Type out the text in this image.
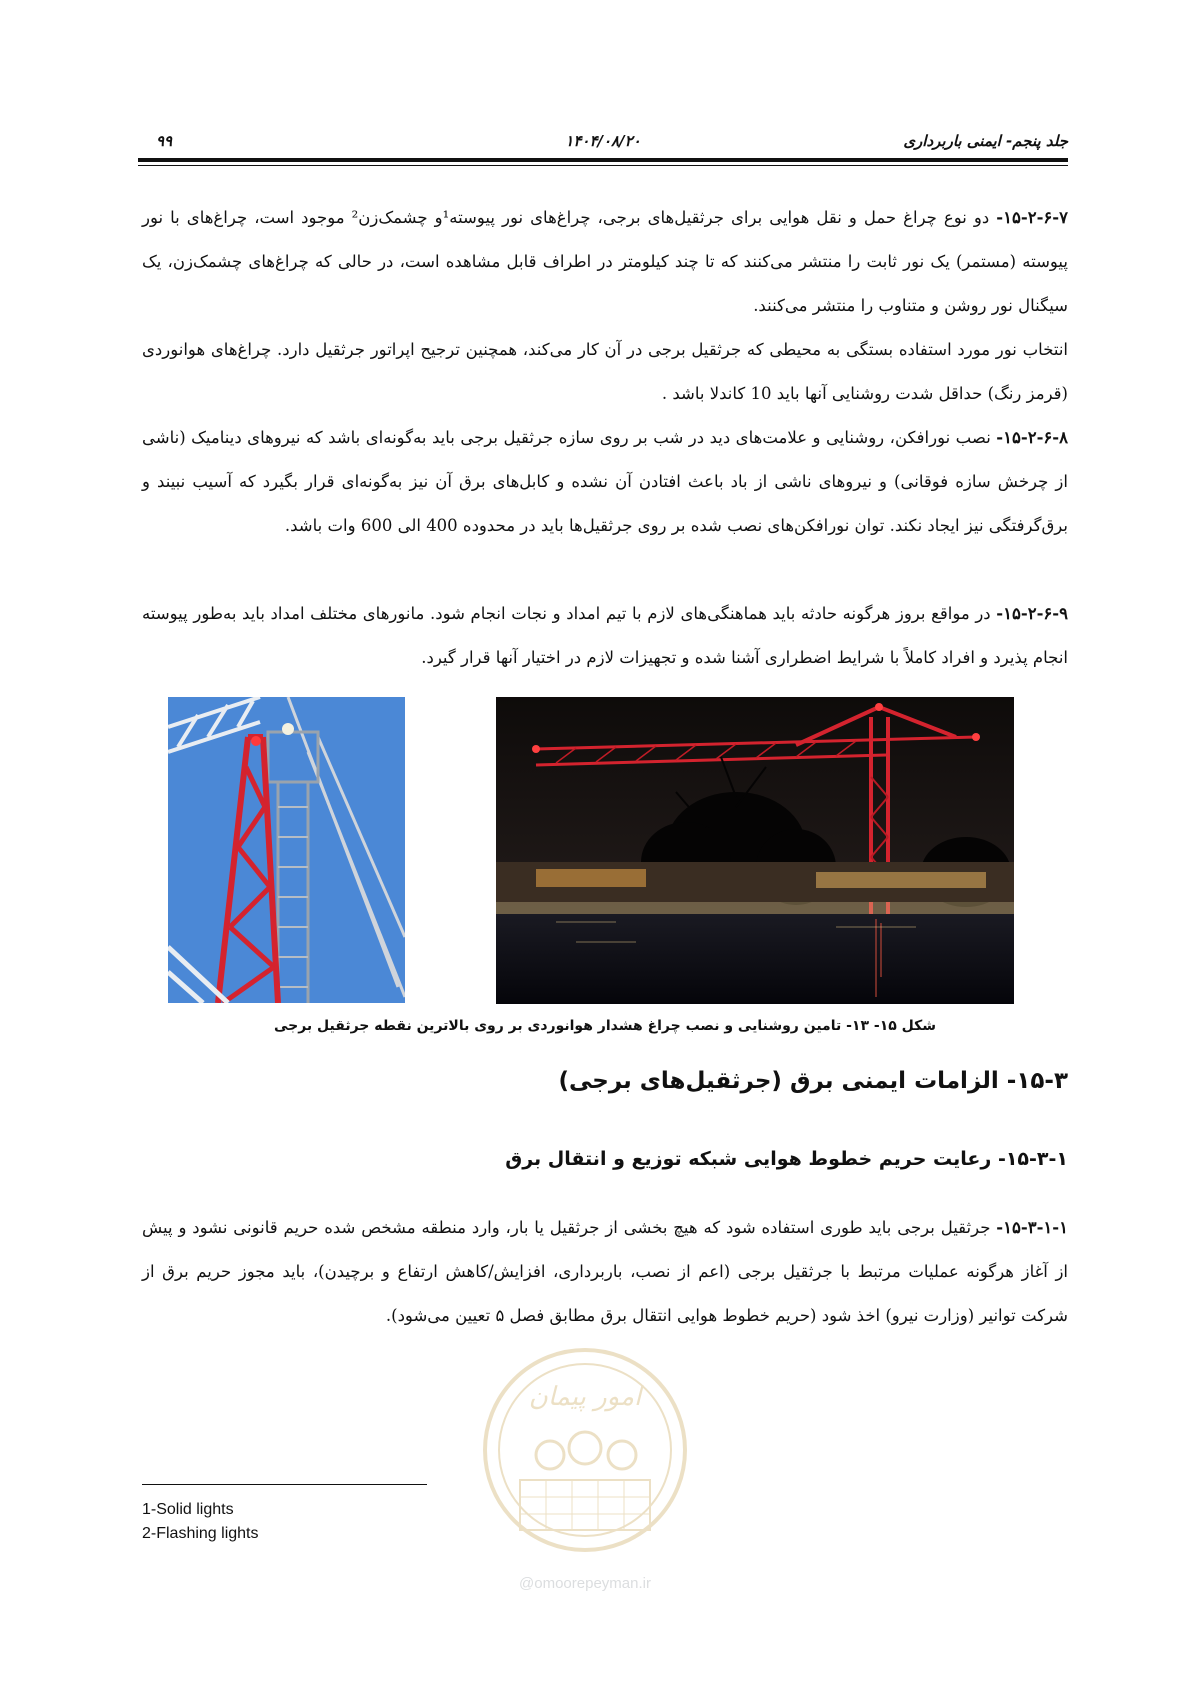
جلد پنجم- ایمنی باربرداری
۱۴۰۴/۰۸/۲۰
۹۹
۱۵-۲-۶-۷- دو نوع چراغ حمل و نقل هوایی برای جرثقیل‌های برجی، چراغ‌های نور پیوسته¹و چشمک‌زن² موجود است، چراغ‌های با نور پیوسته (مستمر) یک نور ثابت را منتشر می‌کنند که تا چند کیلومتر در اطراف قابل مشاهده است، در حالی که چراغ‌های چشمک‌زن، یک سیگنال نور روشن و متناوب را منتشر می‌کنند.
انتخاب نور مورد استفاده بستگی به محیطی که جرثقیل برجی در آن کار می‌کند، همچنین ترجیح اپراتور جرثقیل دارد. چراغ‌های هوانوردی (قرمز رنگ) حداقل شدت روشنایی آنها باید 10 کاندلا باشد .
۱۵-۲-۶-۸- نصب نورافکن، روشنایی و علامت‌های دید در شب بر روی سازه جرثقیل برجی باید به‌گونه‌ای باشد که نیروهای دینامیک (ناشی از چرخش سازه فوقانی) و نیروهای ناشی از باد باعث افتادن آن نشده و کابل‌های برق آن نیز به‌گونه‌ای قرار بگیرد که آسیب نبیند و برق‌گرفتگی نیز ایجاد نکند. توان نورافکن‌های نصب شده بر روی جرثقیل‌ها باید در محدوده 400 الی 600 وات باشد.
۱۵-۲-۶-۹- در مواقع بروز هرگونه حادثه باید هماهنگی‌های لازم با تیم امداد و نجات انجام شود. مانورهای مختلف امداد باید به‌طور پیوسته انجام پذیرد و افراد کاملاً با شرایط اضطراری آشنا شده و تجهیزات لازم در اختیار آنها قرار گیرد.
شکل ۱۵- ۱۳- تامین روشنایی و نصب چراغ هشدار هوانوردی بر روی بالاترین نقطه جرثقیل برجی
۱۵-۳- الزامات ایمنی برق (جرثقیل‌های برجی)
۱۵-۳-۱- رعایت حریم خطوط هوایی شبکه توزیع و انتقال برق
۱۵-۳-۱-۱- جرثقیل برجی باید طوری استفاده شود که هیچ بخشی از جرثقیل یا بار، وارد منطقه مشخص شده حریم قانونی نشود و پیش از آغاز هرگونه عملیات مرتبط با جرثقیل برجی (اعم از نصب، باربرداری، افزایش/کاهش ارتفاع و برچیدن)، باید مجوز حریم برق از شرکت توانیر (وزارت نیرو) اخذ شود (حریم خطوط هوایی انتقال برق مطابق فصل ۵ تعیین می‌شود).
امور پیمان
@omoorepeyman.ir
1-Solid lights
2-Flashing lights
